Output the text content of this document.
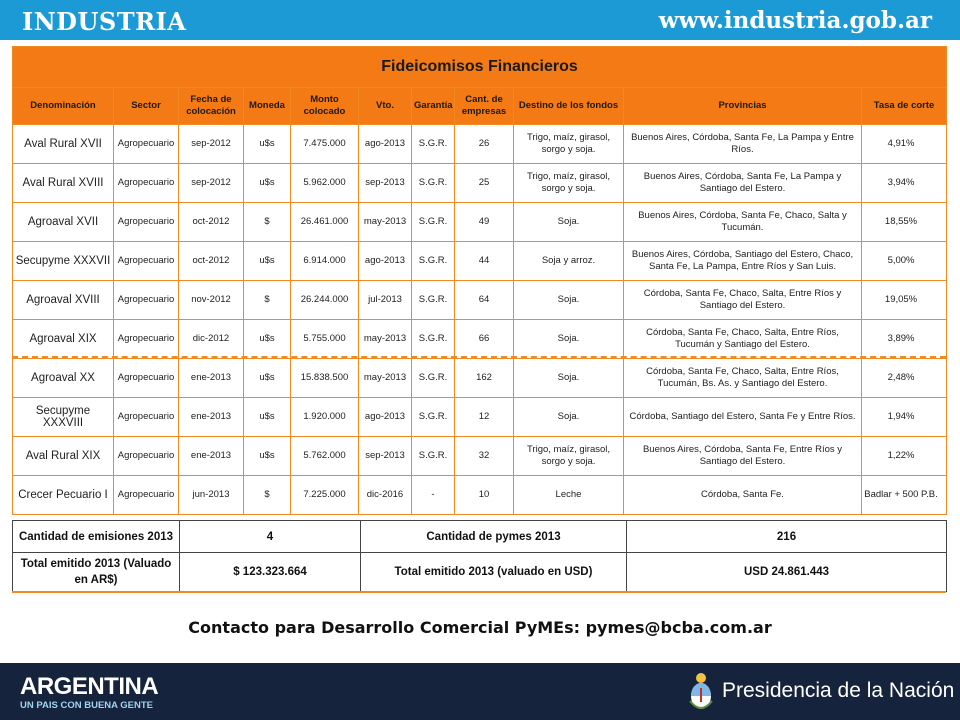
INDUSTRIA	www.industria.gob.ar
Fideicomisos Financieros										
Denominación	Sector	Fecha de colocación	Moneda	Monto colocado	Vto.	Garantía	Cant. de empresas	Destino de los fondos	Provincias	Tasa de corte
Aval Rural XVII	Agropecuario	sep-2012	u$s	7.475.000	ago-2013	S.G.R.	26	Trigo, maíz, girasol, sorgo y soja.	Buenos Aires, Córdoba, Santa Fe, La Pampa y Entre Ríos.	4,91%
Aval Rural XVIII	Agropecuario	sep-2012	u$s	5.962.000	sep-2013	S.G.R.	25	Trigo, maíz, girasol, sorgo y soja.	Buenos Aires, Córdoba, Santa Fe, La Pampa y Santiago del Estero.	3,94%
Agroaval XVII	Agropecuario	oct-2012	$	26.461.000	may-2013	S.G.R.	49	Soja.	Buenos Aires, Córdoba, Santa Fe, Chaco, Salta y Tucumán.	18,55%
Secupyme XXXVII	Agropecuario	oct-2012	u$s	6.914.000	ago-2013	S.G.R.	44	Soja y arroz.	Buenos Aires, Córdoba, Santiago del Estero, Chaco, Santa Fe, La Pampa, Entre Ríos y San Luis.	5,00%
Agroaval XVIII	Agropecuario	nov-2012	$	26.244.000	jul-2013	S.G.R.	64	Soja.	Córdoba, Santa Fe, Chaco, Salta, Entre Ríos y Santiago del Estero.	19,05%
Agroaval XIX	Agropecuario	dic-2012	u$s	5.755.000	may-2013	S.G.R.	66	Soja.	Córdoba, Santa Fe, Chaco, Salta, Entre Ríos, Tucumán y Santiago del Estero.	3,89%
Agroaval XX	Agropecuario	ene-2013	u$s	15.838.500	may-2013	S.G.R.	162	Soja.	Córdoba, Santa Fe, Chaco, Salta, Entre Ríos, Tucumán, Bs. As. y Santiago del Estero.	2,48%
Secupyme XXXVIII	Agropecuario	ene-2013	u$s	1.920.000	ago-2013	S.G.R.	12	Soja.	Córdoba, Santiago del Estero, Santa Fe y Entre Ríos.	1,94%
Aval Rural XIX	Agropecuario	ene-2013	u$s	5.762.000	sep-2013	S.G.R.	32	Trigo, maíz, girasol, sorgo y soja.	Buenos Aires, Córdoba, Santa Fe, Entre Ríos y Santiago del Estero.	1,22%
Crecer Pecuario I	Agropecuario	jun-2013	$	7.225.000	dic-2016	-	10	Leche	Córdoba, Santa Fe.	Badlar + 500 P.B.
Cantidad de emisiones 2013	4	Cantidad de pymes 2013	216
Total emitido 2013 (Valuado en AR$)	$ 123.323.664	Total emitido 2013 (valuado en USD)	USD 24.861.443
Contacto para Desarrollo Comercial PyMEs: pymes@bcba.com.ar
ARGENTINA
UN PAIS CON BUENA GENTE
Presidencia de la Nación
